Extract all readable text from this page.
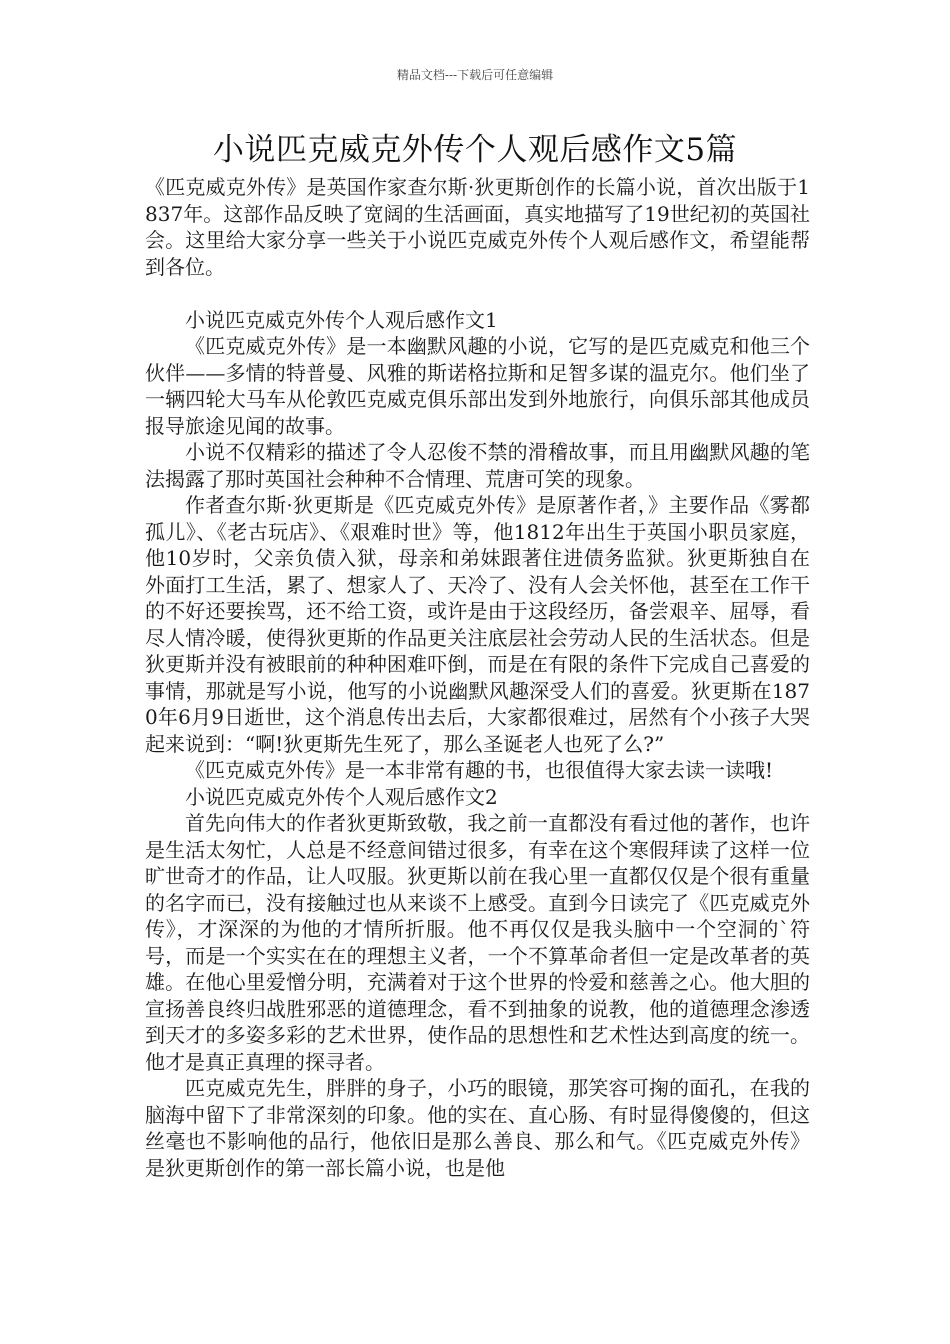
精品文档---下载后可任意编辑
小说匹克威克外传个人观后感作文5篇

《匹克威克外传》是英国作家查尔斯·狄更斯创作的长篇小说，首次出版于1837年。这部作品反映了宽阔的生活画面，真实地描写了19世纪初的英国社会。这里给大家分享一些关于小说匹克威克外传个人观后感作文，希望能帮到各位。

小说匹克威克外传个人观后感作文1

《匹克威克外传》是一本幽默风趣的小说，它写的是匹克威克和他三个伙伴——多情的特普曼、风雅的斯诺格拉斯和足智多谋的温克尔。他们坐了一辆四轮大马车从伦敦匹克威克俱乐部出发到外地旅行，向俱乐部其他成员报导旅途见闻的故事。

小说不仅精彩的描述了令人忍俊不禁的滑稽故事，而且用幽默风趣的笔法揭露了那时英国社会种种不合情理、荒唐可笑的现象。

作者查尔斯·狄更斯是《匹克威克外传》是原著作者，》主要作品《雾都孤儿》、《老古玩店》、《艰难时世》等，他1812年出生于英国小职员家庭，他10岁时，父亲负债入狱，母亲和弟妹跟著住进债务监狱。狄更斯独自在外面打工生活，累了、想家人了、天冷了、没有人会关怀他，甚至在工作干的不好还要挨骂，还不给工资，或许是由于这段经历，备尝艰辛、屈辱，看尽人情冷暖，使得狄更斯的作品更关注底层社会劳动人民的生活状态。但是狄更斯并没有被眼前的种种困难吓倒，而是在有限的条件下完成自己喜爱的事情，那就是写小说，他写的小说幽默风趣深受人们的喜爱。狄更斯在1870年6月9日逝世，这个消息传出去后，大家都很难过，居然有个小孩子大哭起来说到：“啊!狄更斯先生死了，那么圣诞老人也死了么?”

《匹克威克外传》是一本非常有趣的书，也很值得大家去读一读哦!

小说匹克威克外传个人观后感作文2

首先向伟大的作者狄更斯致敬，我之前一直都没有看过他的著作，也许是生活太匆忙，人总是不经意间错过很多，有幸在这个寒假拜读了这样一位旷世奇才的作品，让人叹服。狄更斯以前在我心里一直都仅仅是个很有重量的名字而已，没有接触过也从来谈不上感受。直到今日读完了《匹克威克外传》，才深深的为他的才情所折服。他不再仅仅是我头脑中一个空洞的`符号，而是一个实实在在的理想主义者，一个不算革命者但一定是改革者的英雄。在他心里爱憎分明，充满着对于这个世界的怜爱和慈善之心。他大胆的宣扬善良终归战胜邪恶的道德理念，看不到抽象的说教，他的道德理念渗透到天才的多姿多彩的艺术世界，使作品的思想性和艺术性达到高度的统一。他才是真正真理的探寻者。

匹克威克先生，胖胖的身子，小巧的眼镜，那笑容可掬的面孔，在我的脑海中留下了非常深刻的印象。他的实在、直心肠、有时显得傻傻的，但这丝毫也不影响他的品行，他依旧是那么善良、那么和气。《匹克威克外传》是狄更斯创作的第一部长篇小说，也是他
